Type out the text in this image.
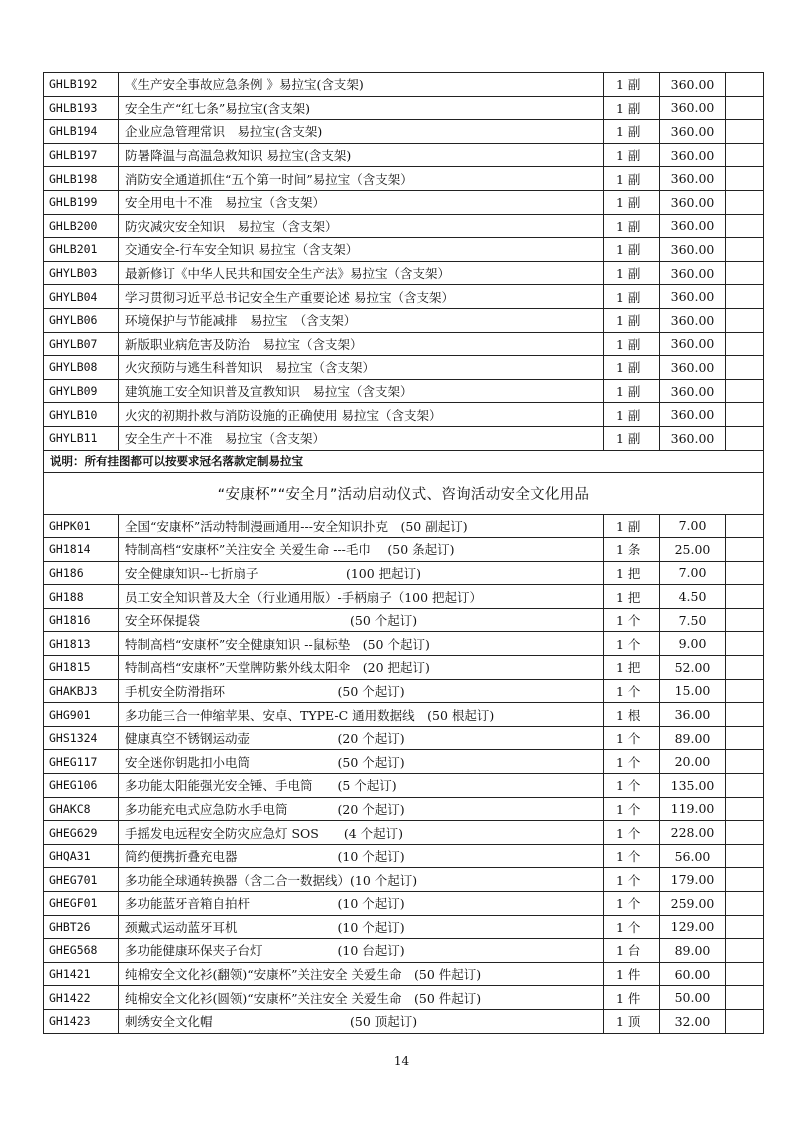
GHLB192	《生产安全事故应急条例 》易拉宝(含支架)	1 副	360.00	
GHLB193	安全生产“红七条”易拉宝(含支架)	1 副	360.00	
GHLB194	企业应急管理常识　易拉宝(含支架)	1 副	360.00	
GHLB197	防暑降温与高温急救知识 易拉宝(含支架)	1 副	360.00	
GHLB198	消防安全通道抓住“五个第一时间”易拉宝（含支架）	1 副	360.00	
GHLB199	安全用电十不准　易拉宝（含支架）	1 副	360.00	
GHLB200	防灾减灾安全知识　易拉宝（含支架）	1 副	360.00	
GHLB201	交通安全-行车安全知识 易拉宝（含支架）	1 副	360.00	
GHYLB03	最新修订《中华人民共和国安全生产法》易拉宝（含支架）	1 副	360.00	
GHYLB04	学习贯彻习近平总书记安全生产重要论述 易拉宝（含支架）	1 副	360.00	
GHYLB06	环境保护与节能减排　易拉宝　（含支架）	1 副	360.00	
GHYLB07	新版职业病危害及防治　易拉宝（含支架）	1 副	360.00	
GHYLB08	火灾预防与逃生科普知识　易拉宝（含支架）	1 副	360.00	
GHYLB09	建筑施工安全知识普及宣教知识　易拉宝（含支架）	1 副	360.00	
GHYLB10	火灾的初期扑救与消防设施的正确使用 易拉宝（含支架）	1 副	360.00	
GHYLB11	安全生产十不准　易拉宝（含支架）	1 副	360.00	
说明：所有挂图都可以按要求冠名落款定制易拉宝				
“安康杯”“安全月”活动启动仪式、咨询活动安全文化用品				
GHPK01	全国“安康杯”活动特制漫画通用---安全知识扑克　(50 副起订)	1 副	7.00	
GH1814	特制高档“安康杯”关注安全 关爱生命 ---毛巾　 (50 条起订)	1 条	25.00	
GH186	安全健康知识--七折扇子　　　　　　　(100 把起订)	1 把	7.00	
GH188	员工安全知识普及大全（行业通用版）-手柄扇子（100 把起订）	1 把	4.50	
GH1816	安全环保提袋　　　　　　　　　　　　(50 个起订)	1 个	7.50	
GH1813	特制高档“安康杯”安全健康知识 --鼠标垫　(50 个起订)	1 个	9.00	
GH1815	特制高档“安康杯”天堂牌防紫外线太阳伞　(20 把起订)	1 把	52.00	
GHAKBJ3	手机安全防滑指环　　　　　　　　　(50 个起订)	1 个	15.00	
GHG901	多功能三合一伸缩苹果、安卓、TYPE-C 通用数据线　(50 根起订)	1 根	36.00	
GHS1324	健康真空不锈钢运动壶　　　　　　　(20 个起订)	1 个	89.00	
GHEG117	安全迷你钥匙扣小电筒　　　　　　　(50 个起订)	1 个	20.00	
GHEG106	多功能太阳能强光安全锤、手电筒　　(5 个起订)	1 个	135.00	
GHAKC8	多功能充电式应急防水手电筒　　　　(20 个起订)	1 个	119.00	
GHEG629	手摇发电远程安全防灾应急灯 SOS　　(4 个起订)	1 个	228.00	
GHQA31	简约便携折叠充电器　　　　　　　　(10 个起订)	1 个	56.00	
GHEG701	多功能全球通转换器（含二合一数据线）(10 个起订)	1 个	179.00	
GHEGF01	多功能蓝牙音箱自拍杆　　　　　　　(10 个起订)	1 个	259.00	
GHBT26	颈戴式运动蓝牙耳机　　　　　　　　(10 个起订)	1 个	129.00	
GHEG568	多功能健康环保夹子台灯　　　　　　(10 台起订)	1 台	89.00	
GH1421	纯棉安全文化衫(翻领)“安康杯”关注安全 关爱生命　(50 件起订)	1 件	60.00	
GH1422	纯棉安全文化衫(圆领)“安康杯”关注安全 关爱生命　(50 件起订)	1 件	50.00	
GH1423	刺绣安全文化帽　　　　　　　　　　　(50 顶起订)	1 顶	32.00	
14
